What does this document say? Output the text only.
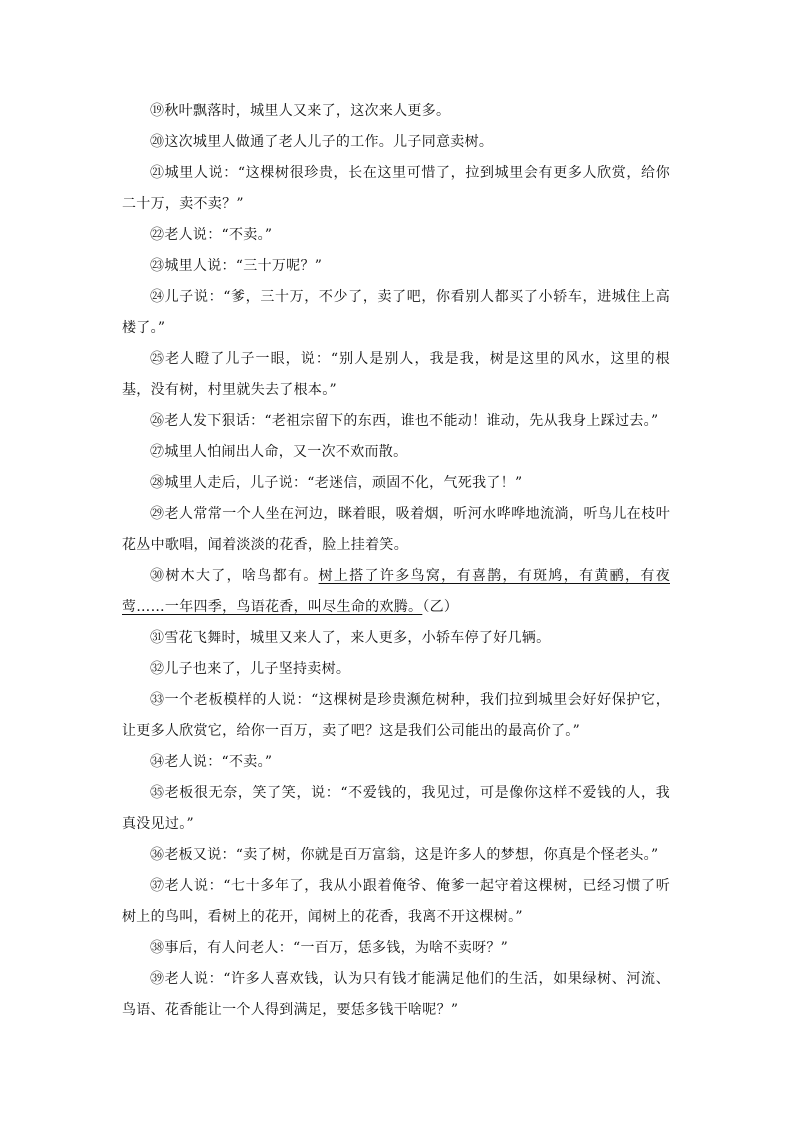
⑲秋叶飘落时，城里人又来了，这次来人更多。

⑳这次城里人做通了老人儿子的工作。儿子同意卖树。

㉑城里人说：“这棵树很珍贵，长在这里可惜了，拉到城里会有更多人欣赏，给你二十万，卖不卖？”

㉒老人说：“不卖。”

㉓城里人说：“三十万呢？”

㉔儿子说：“爹，三十万，不少了，卖了吧，你看别人都买了小轿车，进城住上高楼了。”

㉕老人瞪了儿子一眼，说：“别人是别人，我是我，树是这里的风水，这里的根基，没有树，村里就失去了根本。”

㉖老人发下狠话：“老祖宗留下的东西，谁也不能动！谁动，先从我身上踩过去。”

㉗城里人怕闹出人命，又一次不欢而散。

㉘城里人走后，儿子说：“老迷信，顽固不化，气死我了！”

㉙老人常常一个人坐在河边，眯着眼，吸着烟，听河水哗哗地流淌，听鸟儿在枝叶花丛中歌唱，闻着淡淡的花香，脸上挂着笑。

㉚树木大了，啥鸟都有。树上搭了许多鸟窝，有喜鹊，有斑鸠，有黄鹂，有夜莺……一年四季，鸟语花香，叫尽生命的欢腾。（乙）

㉛雪花飞舞时，城里又来人了，来人更多，小轿车停了好几辆。

㉜儿子也来了，儿子坚持卖树。

㉝一个老板模样的人说：“这棵树是珍贵濒危树种，我们拉到城里会好好保护它，让更多人欣赏它，给你一百万，卖了吧？这是我们公司能出的最高价了。”

㉞老人说：“不卖。”

㉟老板很无奈，笑了笑，说：“不爱钱的，我见过，可是像你这样不爱钱的人，我真没见过。”

㊱老板又说：“卖了树，你就是百万富翁，这是许多人的梦想，你真是个怪老头。”

㊲老人说：“七十多年了，我从小跟着俺爷、俺爹一起守着这棵树，已经习惯了听树上的鸟叫，看树上的花开，闻树上的花香，我离不开这棵树。”

㊳事后，有人问老人：“一百万，恁多钱，为啥不卖呀？”

㊴老人说：“许多人喜欢钱，认为只有钱才能满足他们的生活，如果绿树、河流、鸟语、花香能让一个人得到满足，要恁多钱干啥呢？”
